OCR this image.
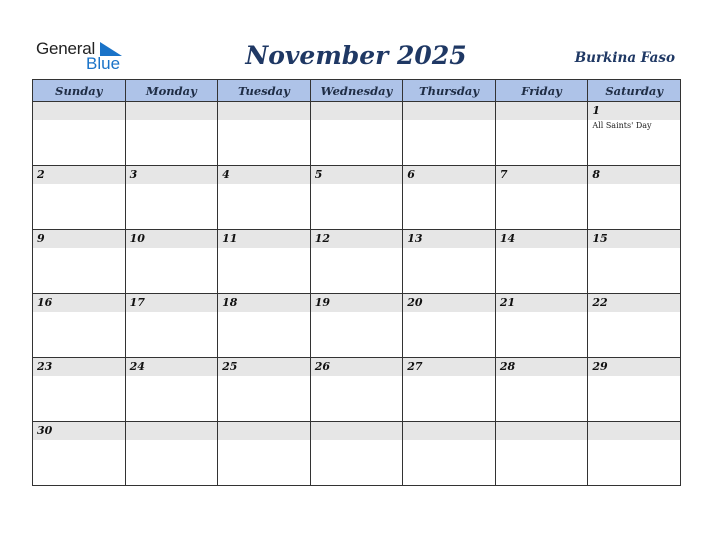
General
Blue	November 2025	Burkina Faso
Sunday	Monday	Tuesday	Wednesday	Thursday	Friday	Saturday

						1
All Saints' Day

2	3	4	5	6	7	8

9	10	11	12	13	14	15

16	17	18	19	20	21	22

23	24	25	26	27	28	29

30						
